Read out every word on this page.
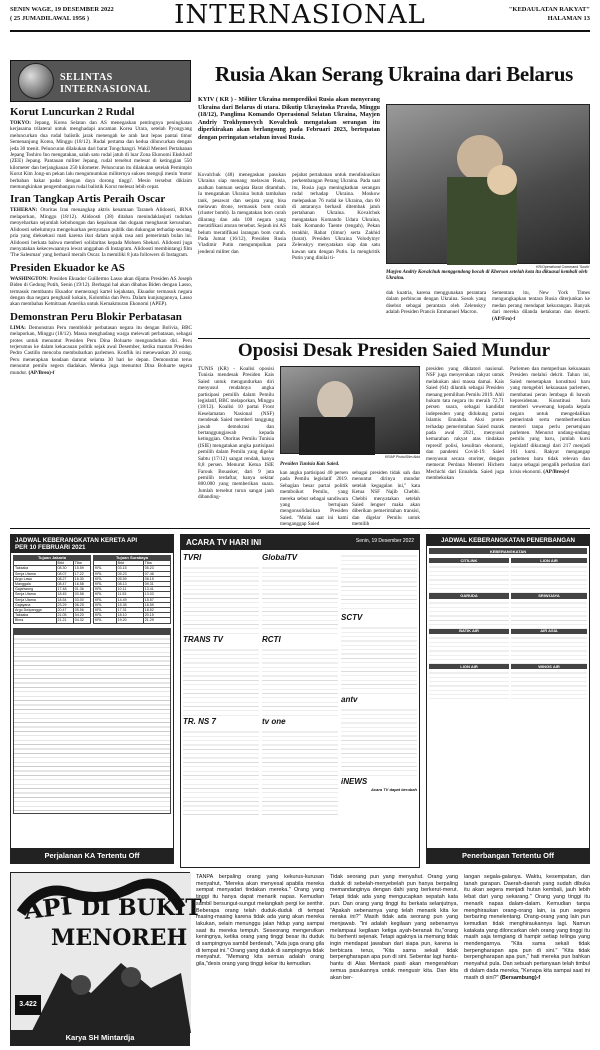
SENIN WAGE, 19 DESEMBER 2022
( 25 JUMADILAWAL 1956 )	INTERNASIONAL	"KEDAULATAN RAKYAT"
HALAMAN 13
SELINTAS
INTERNASIONAL
Korut Luncurkan 2 Rudal

TOKYO: Jepang, Korea Selatan dan AS menegaskan pentingnya peningkatan kerjasama trilateral untuk menghadapi ancaman Korea Utara, setelah Pyongyang meluncurkan dua rudal balistik jarak menengah ke arah laut lepas pantai timur Semenanjung Korea, Minggu (18/12). Rudal pertama dan kedua diluncurkan dengan jeda 30 menit. Peluncuran dilakukan dari barat Tongchangri. Wakil Menteri Pertahanan Jepang Toshiro Ino mengatakan, salah satu rudal jatuh di luar Zona Ekonomi Eksklusif (ZEE) Jepang. Pantauan militer Jepang, rudal tersebut melesat di ketinggian 550 kilometer dan berjangkauan 250 kilometer. Peluncuran itu dilakukan setelah Pemimpin Korut Kim Jong-un pekan lalu mengumumkan militernya sukses menguji mesin 'motor berbahan bakar padat dengan daya dorong tinggi'. Mesin tersebut diklaim memungkinkan pengembangan rudal balistik Korut melesat lebih cepat.

Iran Tangkap Artis Peraih Oscar

TEHERAN: Otoritas Iran menangkap aktris kenamaan Taraneh Alidoosti, IRNA melaporkan, Minggu (18/12). Alidoosti (38) ditahan menindaklanjuti tuduhan menyebarkan sejumlah kebohongan dan kepalsuan dan dugaan menghasut kerusuhan. Alidoosti sebelumnya mengeluarkan pernyataan publik dan dukungan terhadap seorang pria yang dieksekusi mati karena ikut dalam unjuk rasa anti pemerintah bulan ini. Alidoosti berkata bahwa memberi solidaritas kepada Mohsen Shekari. Alidoosti juga menyatakan kekecewaannya lewat unggahan di Instagram. Alidoosti membintangi film 'The Salesman' yang berhasil meraih Oscar. Ia memiliki 8 juta followers di Instagram.

Presiden Ekuador ke AS

WASHINGTON: Presiden Ekuador Guillermo Lasso akan dijamu Presiden AS Joseph Biden di Gedung Putih, Senin (19/12). Berbagai hal akan dibahas Biden dengan Lasso, termasuk membantu Ekuador memerangi kartel kejahatan, Ekuador termasuk negara dengan dua negara penghasil kokain, Kolombia dan Peru. Dalam kunjungannya, Lasso akan membahas Kemitraan Amerika untuk Kemakmuran Ekonomi (APEP).

Demonstran Peru Blokir Perbatasan

LIMA: Demonstran Peru memblokir perbatasan negara itu dengan Bolivia, BBC melaporkan, Minggu (18/12). Massa menghadang warga melewati perbatasan, sebagai protes untuk menuntut Presiden Peru Dina Boluarte mengundurkan diri. Peru terjerumus ke dalam kekacauan politik sejak awal Desember, ketika mantan Presiden Pedro Castillo mencoba membubarkan parlemen. Konflik ini menewaskan 20 orang. Peru menerapkan keadaan darurat selama 30 hari ke depan. Demonstran terus menuntut pemilu segera diadakan. Mereka juga menuntut Dina Boluarte segera mundur. (AP/Breo)-f

Rusia Akan Serang Ukraina dari Belarus
KYIV ( KR ) - Militer Ukraina memprediksi Rusia akan menyerang Ukraina dari Belarus di utara. Dikutip Ukrayinska Pravda, Minggu (18/12), Panglima Komando Operasional Selatan Ukraina, Mayjen Andriy Trokhymovych Kovalchuk mengatakan serangan itu diperkirakan akan berlangsung pada Februari 2023, bertepatan dengan peringatan setahun invasi Rusia.
Kovalchuk (48) menegaskan pasukan Ukraina siap menang melawan Rusia, asalkan bantuan senjata Barat ditambah. Ia mengatakan Ukraina butuh tambahan tank, pesawat dan senjata yang bisa melawan drone, termasuk bom curah (cluster bomb). Ia mengatakan bom curah dilarang dan ada 100 negara yang meratifikasi aturan tersebut. Sejauh ini AS belum meratifikasi larangan bom curah. Pada Jumat (16/12), Presiden Rusia Vladimir Putin mengumpulkan para jenderal militer dan
pejabat pertahanan untuk mendiskusikan perkembangan Perang Ukraina. Pada saat itu, Rusia juga meningkatkan serangan rudal terhadap Ukraina. Moskow melepaskan 76 rudal ke Ukraina, dan 60 di antaranya berhasil ditembak jatuh pertahanan Ukraina. Kovalchuk mengatakan Komando Udara Ukraina, baik Komando Taente (tengah), Pekan terakhir, Rabat (timur) serta Zakhid (barat). Presiden Ukraina Volodymyr Zelenskyy menyatakan siap dan satu kawan satu dengan Putin. Ia mengkritik Putin yang dinilai ti-
KR/Operational Command 'South'
Mayjen Andriy Kovalchuk menggendong bocah di Kherson setelah kota itu dikuasai kembali oleh Ukraina.
dak kuatria, karena menggunakan perantara dalam perbincan dengan Ukraina. Sosok yang disebut sebagai perantara oleh Zelenskyy adalah Presiden Prancis Emmanuel Macron.
Sementara itu, New York Times mengungkapkan tentara Rusia diterjunkan ke medan perang mendapat kekurangan. Banyak dari mereka dilanda ketakutan dan deserti. (AP/Fro)-f
Oposisi Desak Presiden Saied Mundur
TUNIS (KR) - Koalisi oposisi Tunisia mendesak Presiden Kais Saied untuk mengundurkan diri menyusul rendahnya angka partisipasi pemilih dalam Pemilu legislatif, BBC melaporkan, Minggu (18/12). Koalisi 10 partai Front Keselamatan Nasional (NSF) mendesak Saied memberi tanggung jawab demokrasi dan bertanggungjawab kepada ketinggian. Otoritas Pemilu Tunisia (ISIE) mengatakan angka partisipasi pemilih dalam Pemilu yang digelar Sabtu (17/12) sangat rendah, hanya 8,8 persen. Menurut Ketua ISIE Farouk Bouasker, dari 9 juta pemilih terdaftar, hanya sekitar 800.000 yang memberikan suara. Jumlah tersebut turun sangat jauh dibanding-
KR/AP Photo/Slim Abid
Presiden Tunisia Kais Saied.
kan angka partisipasi 40 persen pada Pemilu legislatif 2019. Sebagian besar partai politik memboikot Pemilu, yang mereka sebut sebagai sandiwara yang bertujuan mengonsolidasikan Presiden Saied. "Mulai saat ini kami menganggap Saied
sebagai presiden tidak sah dan menuntut dirinya mundur setelah kegagalan ini," kata Ketua NSF Najib Chebbi. Chebbi menyatakan setelah Saied lengser maka akan diberikan pemerintahan transisi, dan digelar Pemilu untuk memilih
presiden yang diktatori nasional. NSF juga menyerukan rakyat untuk melakukan aksi massa damai. Kais Saied (64) dilantik sebagai Presiden menang pemilihan Pemilu 2019. Ahli hukum tata negara itu meraih 72,71 persen suara, sebagai kandidat independen yang didukung partai Islamis Ennahda. Aksi protes terhadap pemerintahan Saied marak pada awal 2021, menyusul kemarahan rakyat atas tindakan represif polisi, kesulitan ekonomi, dan pandemi Covid-19. Saied menyusun secara otoriter, dengan memecat Perdana Menteri Hichem Mechichi dari Ennahda. Saied juga membekukan
Parlemen dan memperluas kekuasaan Presiden melalui dekrit. Tahun ini, Saied menetapkan konstitusi baru yang mengebiri kekuasaan parlemen, membatasi peran lembaga di bawah kepresidenan. Konstitusi baru memberi wewenang kepada kepala negara untuk mengedalikan pemerintah serta memberhentikan menteri tanpa perlu persetujuan parlemen. Menurut undang-undang pemilu yang baru, jumlah kursi legislatif dikurangi dari 217 menjadi 161 kursi. Rakyat mengangap parlemen baru tidak relevan dan hanya sebagai pengalih perhatian dari krisis ekonomi. (AP/Breo)-f
JADWAL KEBERANGKATAN KERETA API
PER 10 FEBRUARI 2021
Tujuan Jakarta		
	Brkt	Tiba
Taksaka	08.30	15.59
Senja Utama	08.07	17.22
Argo Lawu	08.27	16.30
Manggala	08.47	16.58
Gajahwong	17.48	01.36
Senja Utama	18.45	03.58
Senja Utama	18.54	03.00
Gajayana	23.29	06.25
Argo Dwipangga	20.47	05.56
Taksaka	21.05	04.20
Bima	21.21	04.32
Tujuan Surabaya		
	Brkt	Tiba
KRL	03.15	05.23
KRL	05.23	07.46
KRL	05.59	08.15
KRL	08.13	09.31
KRL	10.11	13.41
KRL	11.53	13.03
KRL	14.49	15.57
KRL	15.35	16.59
KRL	17.31	18.52
KRL	18.10	20.15
KRL	19.20	21.29
Perjalanan KA Tertentu Off
ACARA TV HARI INI	Senin, 19 Desember 2022
TVRI
TRANS TV
TR. NS 7
GlobalTV
RCTI
tv one
SCTV
antv
iNEWS
Acara TV dapat berubah
JADWAL KEBERANGKATAN PENERBANGAN
KEBERANGKATAN
CITILINK
GARUDA
BATIK AIR
LION AIR
LION AIR
SRIWIJAYA
AIR ASIA
WINGS AIR
Penerbangan Tertentu Off
API DI BUKIT
MENOREH
3.422
Karya SH Mintardja
TANPA berpaling orang yang kekurus-kurusan menyahut, "Mereka akan menyesal apabila mereka sempat menyadari tindakan mereka." Orang yang tinggi itu hanya dapat menarik napas. Kemudian sambil bersungut-sungut melangkah pergi ke senthir. Beberapa orang telah duduk-duduk di tempat masing-masing karena tidak ada yang akan mereka lakukan, selain menunggu jalan hidup yang sampai saat itu mereka tempuh. Seseorang mengerutkan keningnya, ketika orang yang tinggi besar itu duduk di sampingnya sambil berdesah, "Ada juga orang gila di tempat ini." Orang yang duduk di sampingnya tidak menyahut. "Memang kita semua adalah orang gila,"desis orang yang tinggi kekar itu kemudian.
Tidak seorang pun yang menyahut. Orang yang duduk di sebelah-menyebelah pun hanya berpaling memandanginya dengan dahi yang berkerut-merut. Tetapi tidak ada yang mengucapkan sepatah kata pun. Dan orang yang tinggi itu berkata selanjutnya, "Apakah sebenarnya yang telah menarik kita ke neraka ini?" Masih tidak ada seorang pun yang menjawab. "Ini adalah kegilaan yang sebenarnya melampaui kegilaan ketiga ayah-beranak itu,"orang itu berhenti sejenak. Tetapi agaknya ia memang tidak ingin mendapat jawaban dari siapa pun, karena ia berbicara terus, "Kita sama sekali tidak berpengharapan apa pun di sini. Sebentar lagi hantu-hantu di Alas Mentaok pasti akan mengerahkan semua pasukannya untuk mengusir kita. Dan kita akan ber-
langan segala-galanya. Waktu, kesempatan, dan tanah garapan. Daerah-daerah yang sudah dibuka itu akan segera menjadi hutan kembali, jauh lebih lebat dari yang sekarang." Orang yang tinggi itu menarik napas dalam-dalam. Kemudian tanpa menghiraukan orang-orang lain, ia pun segera berbaring menelentang. Orang-orang yang lain pun kemudian tidak menghiraukannya lagi. Namun katakata yang diloncarkan oleh orang yang tinggi itu masih saja terngiang di hampir setiap telinga yang mendengarnya. "Kita sama sekali tidak berpengharapan apa pun di sini." "Kita tidak berpengharapan apa pun," hati mereka pun bahkan menyahut pula. Dan sebuah pertanyaan telah timbul di dalam dada mereka, "Kenapa kita sampai saat ini masih di sini?" (Bersambung)-f
